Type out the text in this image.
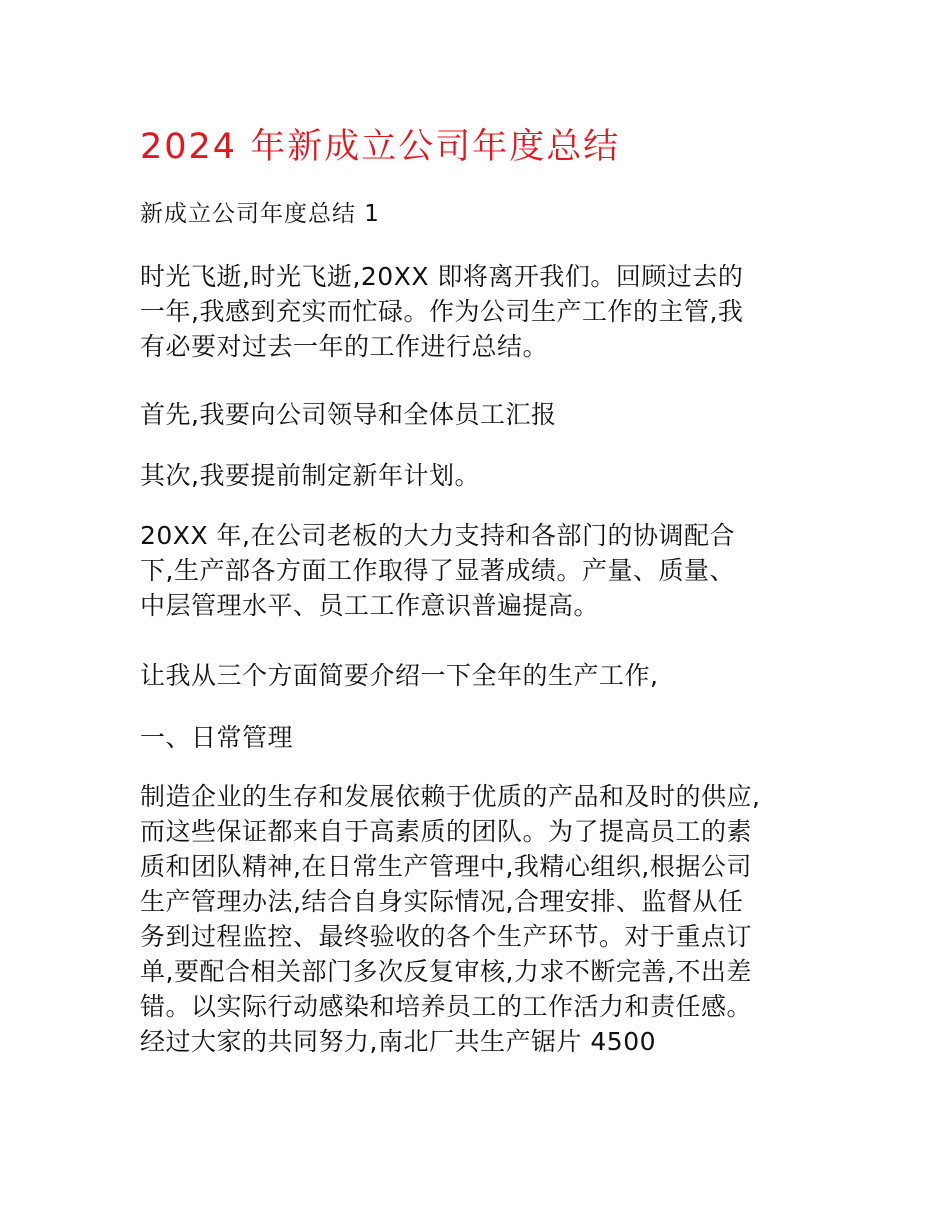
2024 年新成立公司年度总结
新成立公司年度总结 1
时光飞逝,时光飞逝,20XX 即将离开我们。回顾过去的
一年,我感到充实而忙碌。作为公司生产工作的主管,我
有必要对过去一年的工作进行总结。
首先,我要向公司领导和全体员工汇报
其次,我要提前制定新年计划。
20XX 年,在公司老板的大力支持和各部门的协调配合
下,生产部各方面工作取得了显著成绩。产量、质量、
中层管理水平、员工工作意识普遍提高。
让我从三个方面简要介绍一下全年的生产工作,
一、日常管理
制造企业的生存和发展依赖于优质的产品和及时的供应,
而这些保证都来自于高素质的团队。为了提高员工的素
质和团队精神,在日常生产管理中,我精心组织,根据公司
生产管理办法,结合自身实际情况,合理安排、监督从任
务到过程监控、最终验收的各个生产环节。对于重点订
单,要配合相关部门多次反复审核,力求不断完善,不出差
错。以实际行动感染和培养员工的工作活力和责任感。
经过大家的共同努力,南北厂共生产锯片 4500
